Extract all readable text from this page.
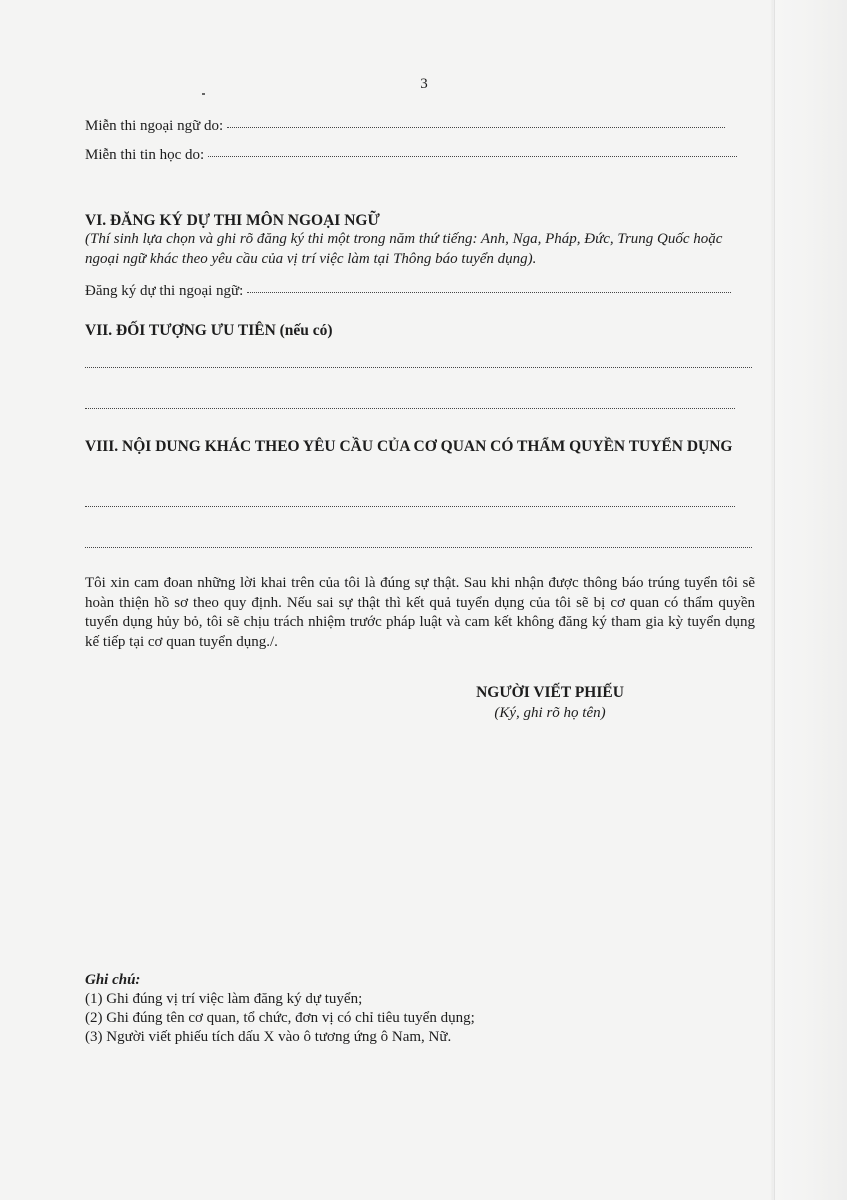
3
Miễn thi ngoại ngữ do:
Miễn thi tin học do:
VI. ĐĂNG KÝ DỰ THI MÔN NGOẠI NGỮ
(Thí sinh lựa chọn và ghi rõ đăng ký thi một trong năm thứ tiếng: Anh, Nga, Pháp, Đức, Trung Quốc hoặc ngoại ngữ khác theo yêu cầu của vị trí việc làm tại Thông báo tuyển dụng).
Đăng ký dự thi ngoại ngữ:
VII. ĐỐI TƯỢNG ƯU TIÊN (nếu có)
VIII. NỘI DUNG KHÁC THEO YÊU CẦU CỦA CƠ QUAN CÓ THẨM QUYỀN TUYỂN DỤNG
Tôi xin cam đoan những lời khai trên của tôi là đúng sự thật. Sau khi nhận được thông báo trúng tuyển tôi sẽ hoàn thiện hồ sơ theo quy định. Nếu sai sự thật thì kết quả tuyển dụng của tôi sẽ bị cơ quan có thẩm quyền tuyển dụng hủy bỏ, tôi sẽ chịu trách nhiệm trước pháp luật và cam kết không đăng ký tham gia kỳ tuyển dụng kế tiếp tại cơ quan tuyển dụng./.
NGƯỜI VIẾT PHIẾU
(Ký, ghi rõ họ tên)
Ghi chú:
(1) Ghi đúng vị trí việc làm đăng ký dự tuyển;
(2) Ghi đúng tên cơ quan, tổ chức, đơn vị có chỉ tiêu tuyển dụng;
(3) Người viết phiếu tích dấu X vào ô tương ứng ô Nam, Nữ.
